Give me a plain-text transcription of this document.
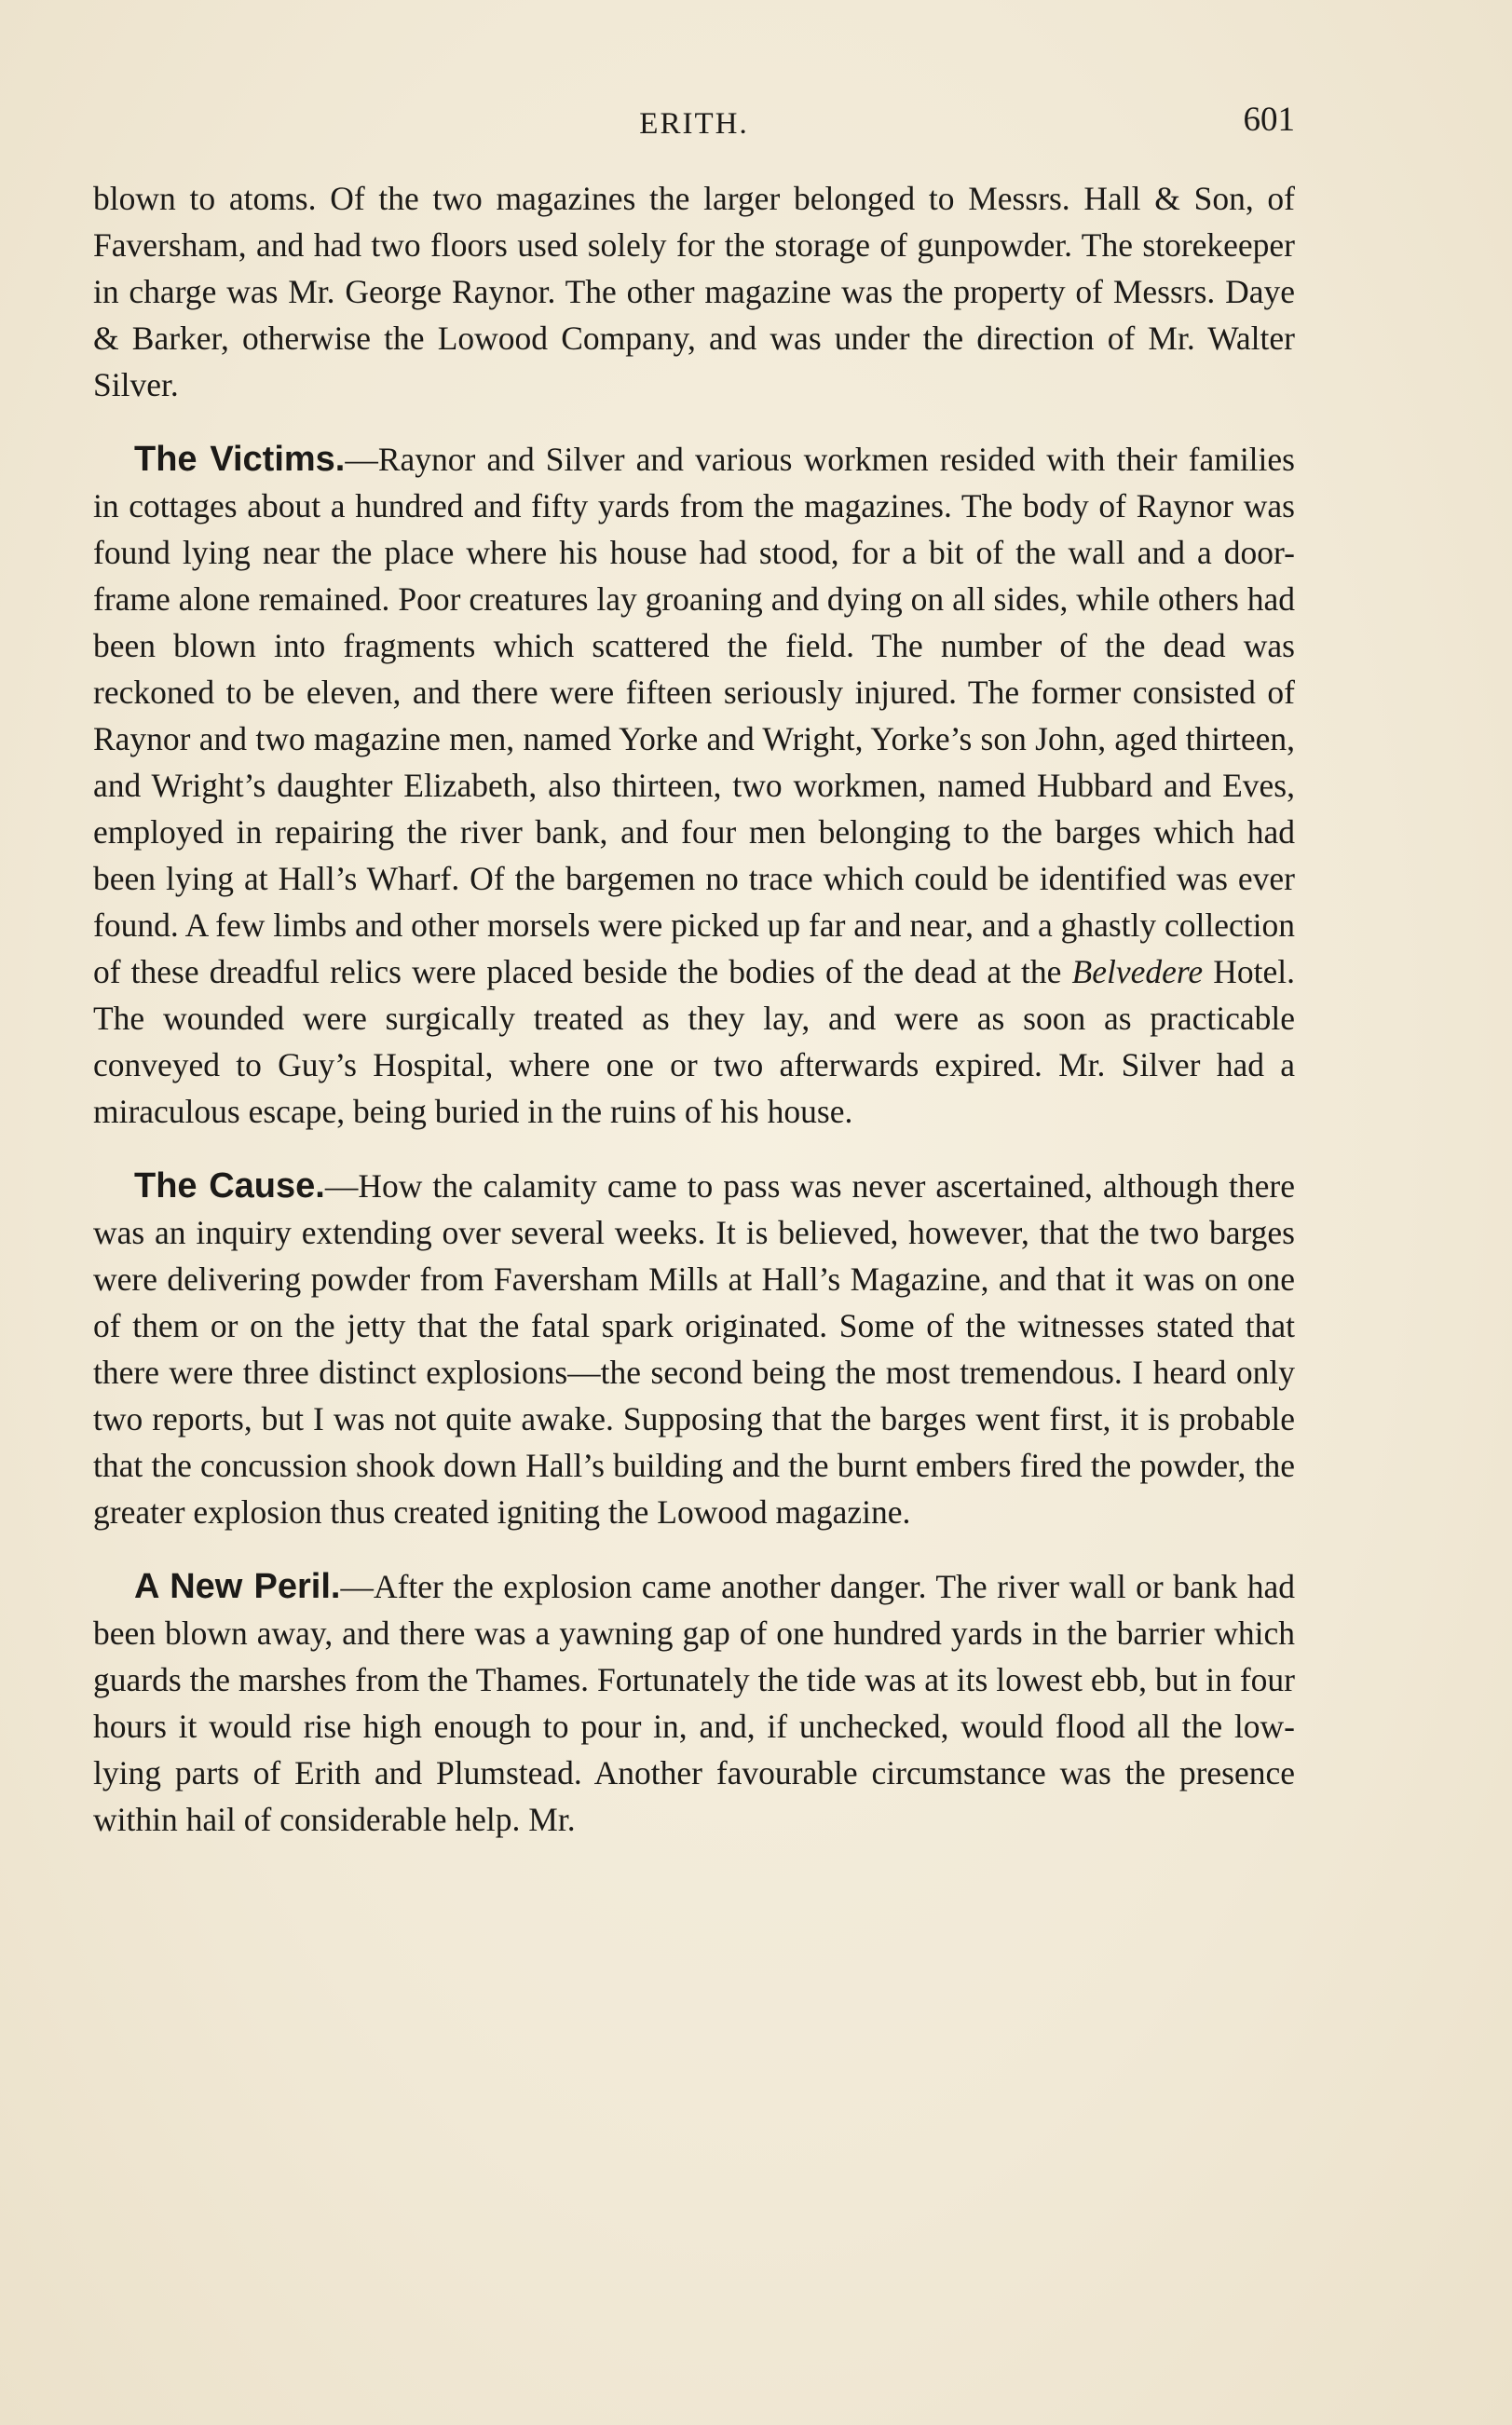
ERITH.	601

blown to atoms. Of the two magazines the larger belonged to Messrs. Hall & Son, of Faversham, and had two floors used solely for the storage of gunpowder. The storekeeper in charge was Mr. George Raynor. The other magazine was the property of Messrs. Daye & Barker, otherwise the Lowood Company, and was under the direction of Mr. Walter Silver.

The Victims.—Raynor and Silver and various workmen resided with their families in cottages about a hundred and fifty yards from the magazines. The body of Raynor was found lying near the place where his house had stood, for a bit of the wall and a door-frame alone remained. Poor creatures lay groaning and dying on all sides, while others had been blown into fragments which scattered the field. The number of the dead was reckoned to be eleven, and there were fifteen seriously injured. The former consisted of Raynor and two magazine men, named Yorke and Wright, Yorke’s son John, aged thirteen, and Wright’s daughter Elizabeth, also thirteen, two workmen, named Hubbard and Eves, employed in repairing the river bank, and four men belonging to the barges which had been lying at Hall’s Wharf. Of the bargemen no trace which could be identified was ever found. A few limbs and other morsels were picked up far and near, and a ghastly collection of these dreadful relics were placed beside the bodies of the dead at the Belvedere Hotel. The wounded were surgically treated as they lay, and were as soon as practicable conveyed to Guy’s Hospital, where one or two afterwards expired. Mr. Silver had a miraculous escape, being buried in the ruins of his house.

The Cause.—How the calamity came to pass was never ascertained, although there was an inquiry extending over several weeks. It is believed, however, that the two barges were delivering powder from Faversham Mills at Hall’s Magazine, and that it was on one of them or on the jetty that the fatal spark originated. Some of the witnesses stated that there were three distinct explosions—the second being the most tremendous. I heard only two reports, but I was not quite awake. Supposing that the barges went first, it is probable that the concussion shook down Hall’s building and the burnt embers fired the powder, the greater explosion thus created igniting the Lowood magazine.

A New Peril.—After the explosion came another danger. The river wall or bank had been blown away, and there was a yawning gap of one hundred yards in the barrier which guards the marshes from the Thames. Fortunately the tide was at its lowest ebb, but in four hours it would rise high enough to pour in, and, if unchecked, would flood all the low-lying parts of Erith and Plumstead. Another favourable circumstance was the presence within hail of considerable help. Mr.
